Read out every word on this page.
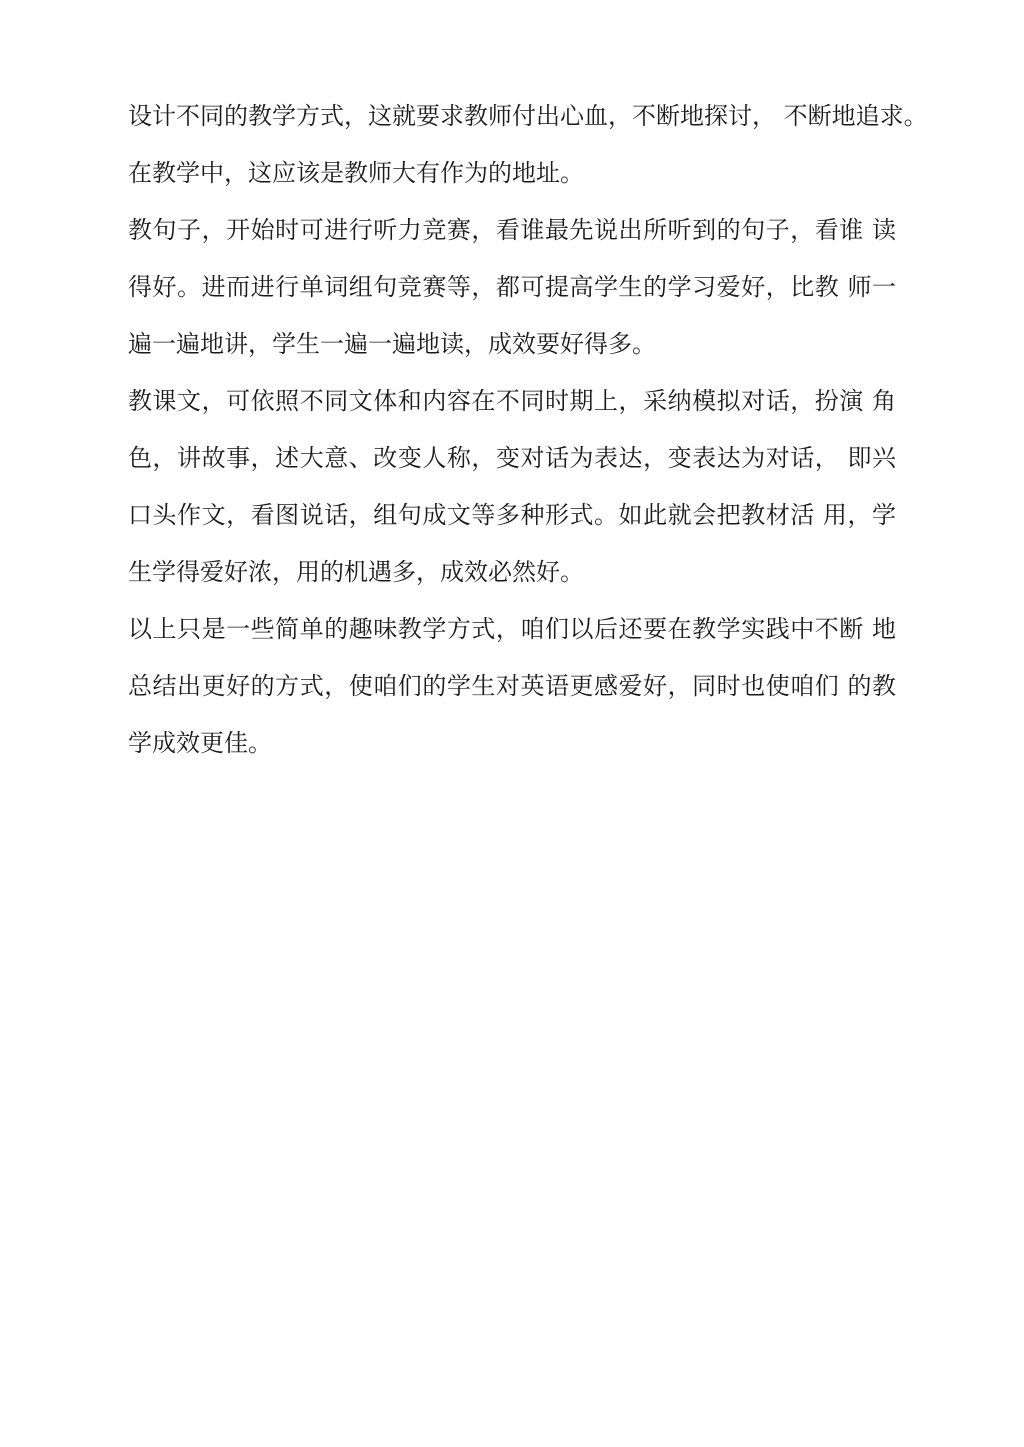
设计不同的教学方式，这就要求教师付出心血，不断地探讨， 不断地追求。
在教学中，这应该是教师大有作为的地址。

教句子，开始时可进行听力竞赛，看谁最先说出所听到的句子，看谁 读
得好。进而进行单词组句竞赛等，都可提高学生的学习爱好，比教 师一
遍一遍地讲，学生一遍一遍地读，成效要好得多。

教课文，可依照不同文体和内容在不同时期上，采纳模拟对话，扮演 角
色，讲故事，述大意、改变人称，变对话为表达，变表达为对话， 即兴
口头作文，看图说话，组句成文等多种形式。如此就会把教材活 用，学
生学得爱好浓，用的机遇多，成效必然好。

以上只是一些简单的趣味教学方式，咱们以后还要在教学实践中不断 地
总结出更好的方式，使咱们的学生对英语更感爱好，同时也使咱们 的教
学成效更佳。
